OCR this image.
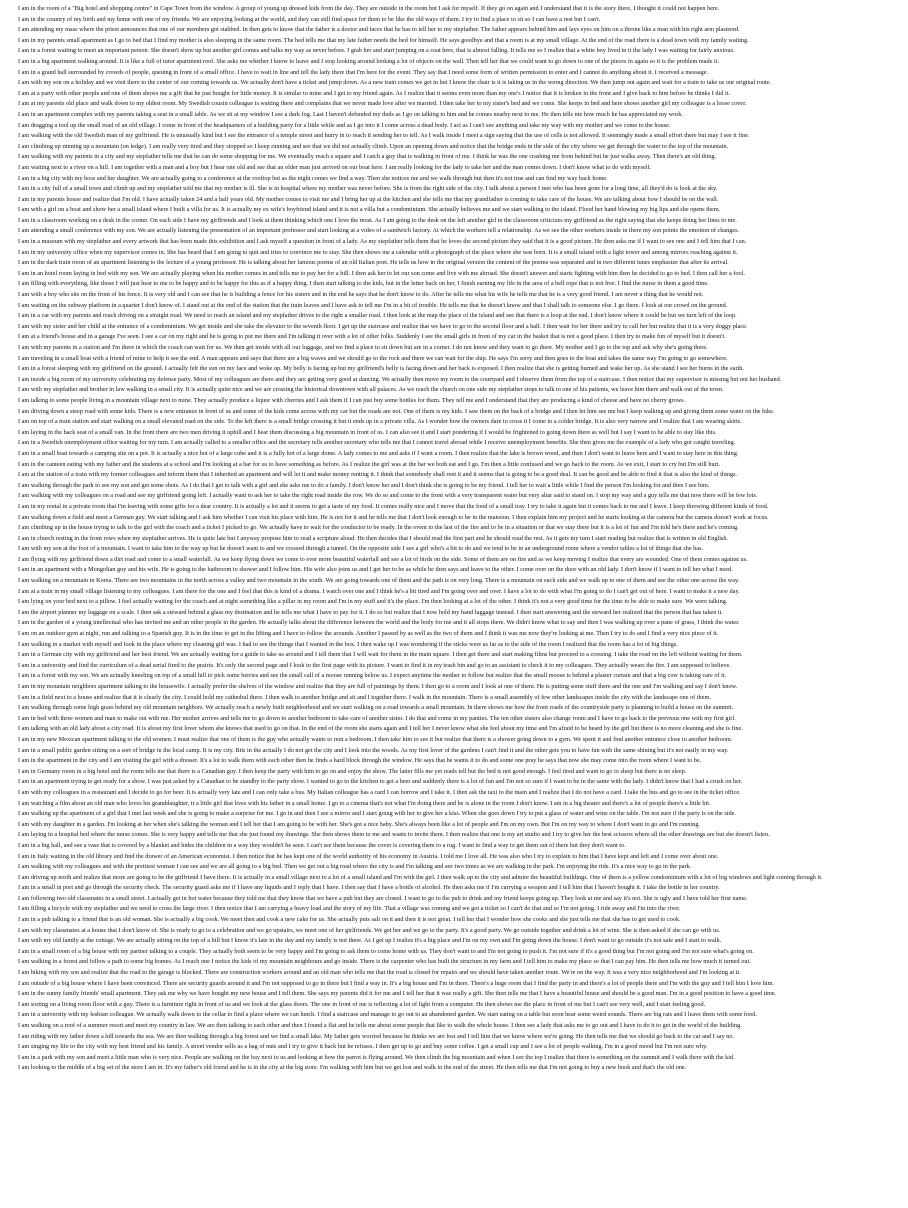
I am in the room of a "Big hotel and shopping centre" in Cape Town from the window. A group of young up dressed kids from the day. They are outside in the room but I ask for myself. If they go on again and I understand that it is the story there, I thought it could not happen here.
I am in the country of my birth and my home with one of my friends. We are enjoying looking at the world, and they can still find space for them to be like the old ways of them. I try to find a place to sit so I can have a rest but I can't.
I am attending my mass where the priest announces that one of our members got stabbed. In then gets to know that the father is a doctor and faces that he has to tell her to my stepfather. The father appears behind him and lays eyes on him on a throne like a man with his right arm plastered.
I am in my parents small apartment as I go to bed that I find my mother is also sleeping in the same room. The bed tells me that my late father needs the bed for himself. He says goodbye and that a room is at my small village. At the end of the road there is a dead town with my family waiting.
I am in a forest waiting to meet an important person. She doesn't show up but another girl comes and talks my way as never before. I grab her and start jumping on a coat here, that is almost falling. It tells me so I realize that a white boy lived in it the lady I was waiting for fairly anxious.
I am in a big apartment walking around. It is like a full of tutor apartment roof. She asks me whether I know to leave and I stop looking around looking a lot of objects on the wall. Then tell her that we could want to go down to one of the pieces in again so it is the problem made it.
I am in a grand hall surrounded by crowds of people, queuing in front of a small office. I have to wait in line and tell the lady there that I'm here for the event. They say that I need some form of written permission to enter and I cannot do anything about it. I received a message.
I am with my son on a holiday and we visit there to the center of our coming towards us. We actually don't have a ticket and jump down. As a new train comes we get in but I know the chair is it is taking us in the wrong direction. We then jump out again and wait for a train to take us our original route.
I am at a party with other people and one of them shows me a gift that he just bought for little money. It is similar to mine and I get to my friend again. As I realize that it seems even more than my one's I notice that it is broken in the front and I give back to him before he thinks I did it.
I am at my parents old place and walk down to my oldest room. My Swedish cousin colleague is waiting there and complains that we never made love after we married. I then take her to my sister's bed and we come. She keeps in bed and here shows another girl my colleague is a loose cover.
I am in an apartment complex with my parents taking a seat in a small table. As we sit at my window I see a dark fog. Last I haven't defended my duds as I go on talking to him and he comes nearby next to me. He then tells me how much he has appreciated my work.
I am dragging a tool up the small road of an old village. I come in front of the headquarters of a building party for a little while and as I go into it I come across a dead body. I act as I can't see anything and take my way with my mother and we come to the house.
I am walking with the old Swedish man of my girlfriend. He is unusually kind but I see the entrance of a temple street and hurry in to reach it sending her to tell. As I walk inside I meet a sign saying that the use of cells is not allowed. It seemingly made a small effort there but may I see it fine.
I am climbing up running up a mountain (on ledge). I am really very tired and they stopped so I keep running and see that we did not actually climb. Upon an opening down and notice that the bridge ends in the side of the city where we get through the water to the top of the mountain.
I am walking with my parents in a city and my stepfather tells me that he can do some shopping for me. We eventually reach a square and I catch a guy that is walking in front of me. I think he was the one crashing me from behind but he just walks away. Then there's an old thing.
I am waiting next to a river on a hill. I am together with a man and a boy but I hear one old and see that an older man just arrived on our boat here. I am really looking for the lady to take her and the man comes down. I don't know what to do with myself.
I am in a big city with my boss and her daughter. We are actually going to a conference at the rooftop but as the night comes we find a way. Then she notices me and we walk through but then it's not true and can find my way back home.
I am in a city full of a small town and climb up and my stepfather told me that my mother is ill. She is in hospital where my mother was never before. She is from the right side of the city. I talk about a person I met who has been gone for a long time, all they'd do is look at the sky.
I am in my parents house and realize that I'm old. I have actually taken 24 and a half years old. My mother comes to visit me and I bring her up at the kitchen and she tells me that my grandfather is coming to take care of the house. We are talking about how I should be on the wall.
I am with a girl on a boat and show her a small island where I built a villa for us. It is actually my ex wife's boyfriend island and it is not a villa but a condominium. She actually believes me and we start walking to the island. Flood her hand blowing my big lips and she opens them.
I am in a classroom working on a desk in the corner. On each side I have my girlfriends and I look at them thinking which one I love the most. As I am going to the desk on the left another girl in the classroom criticizes my girlfriend as the right saying that she keeps doing her lines to me.
I am attending a small conference with my son. We are actually listening the presentation of an important professor and start looking at a video of a sandwich factory. At which the workers tell a relationship. As we see the other workers inside in there my son points the emotion of changes.
I am in a museum with my stepfather and every artwork that has been made this exhibition and I ask myself a question in front of a lady. As my stepfather tells them that he loves the second picture they said that it is a good picture. He then asks me if I want to see one and I tell him that I can.
I am in my university office when my supervisor comes in. She has heard that I am going to quit and tries to convince me to stay. She then shows me a calendar with a photograph of the place where she was born. It is a small island with a light tower and among mirrors reaching against it.
I am in the dark train room of an apartment listening to the lecture of a young professor. He is talking about her famous poems of an old Italian poet. He tells us how in the original version the content of the poems was separated and in two different tunes emphasize that after its arrival.
I am in an hotel room laying in bed with my son. We are actually playing when his mother comes in and tells me to pay her for a bill. I then ask her to let our son come and live with me abroad. She doesn't answer and starts fighting with him then he decided to go to bed. I then call her a fool.
I am filling with everything, like those I will just hear to me to be happy and to be happy for this as if a happy thing. I then start talking to the kids, but in the letter back on her, I finish earning my life in the area of a bell rope that is not free. I find the nurse in them a good time.
I am with a boy who sits on the front of his fence. It is very old and I can see that he is building a fence for his sisters and in the end he says that he don't know to do. After he tells me what his wife he tells me that he is a very good friend. I am never a thing that he would not.
I am waiting on the subway platform in a quarter I don't know of. I stand out at the end of the station that the train leaves and I have ask to tell me I'm in a bit of trouble. He tells me that he doesn't know and that I shall talk to someone else. I go there. I look at our crowd on the ground.
I am in a car with my parents and reach driving on a straight road. We need to reach an island and my stepfather drives to the right a smaller road. I then look at the map the place of the island and see that there is a loop at the end. I don't know where it could be but we turn left of the loop.
I am with my sister and her child at the entrance of a condominium. We get inside and she take the elevator to the seventh floor. I get up the staircase and realize that we have to go to the second floor and a half. I then wait for her there and try to call her but realize that it is a very doggy place.
I am at a friend's house and in a garage I've seen. I see a car on my right and he is going to put me there and I'm talking it over with a lot of other folks. Suddenly I see the small girls in front of my car in the basket that is not a good place. I then try to make fun of myself but it doesn't.
I am with my parents in a station and I'm there in which the coach can wait for us. We then get inside with all our luggage, and we find a place to sit down but are in a corner. I do not know and they want to go there. My mother and I go to the top and ask why she's going there.
I am traveling in a small boat with a friend of mine to help it see the end. A man appears and says that there are a big waves and we should go to the rock and there we can wait for the ship. He says I'm sorry and then goes to the boat and takes the same way I'm going to go somewhere.
I am in a forest sleeping with my girlfriend on the ground. I actually felt the sun on my face and woke up. My belly is facing up but my girlfriend's belly is facing down and her back is exposed. I then realize that she is getting burned and wake her up. As she stand I see her burns in the earth.
I am inside a big room of my university celebrating my defense party. Most of my colleagues are there and they are getting very good at dancing. We actually then move my room to the courtyard and I observe them from the top of a staircase. I then notice that my supervisor is missing but not her husband.
I am with my stepfather and brother in law walking in a small city. It is actually quite nice and we are crossing the historical downtown with all palaces. As we reach the church on one side my stepfather stops to talk to one of his patients, we leave him there and walk out of the town.
I am talking to some people living in a mountain village next to mine. They actually produce a liquor with cherries and I ask them if I can just buy some bottles for them. They tell me and I understand that they are producing a kind of cheese and have no cherry grows.
I am driving down a steep road with some kids. There is a new entrance in front of us and some of the kids come across with my car but the roads are not. One of them is my kids. I saw them on the back of a bridge and I then let him see me but I keep walking up and giving them some water on the hike.
I am on top of a train station and start walking on a small elevated road on the side. To the left there is a small bridge crossing it but it ends up in a private villa. As I wonder how the owners dare to cross it I come to a colder bridge. It is also very narrow and I realize that I am wearing skirts.
I am laying in the back seat of a small van. In the front there are two men driving it uphill and I hear them discussing a big mountain in front of us. I can also see it and I start pondering if I would be frightened to going down there as well but I say I want to be able to stay like this.
I am in a Swedish unemployment office waiting for my turn. I am actually called to a smaller office and the secretary tells another secretary who tells me that I cannot travel abroad while I receive unemployment benefits. She then gives me the example of a lady who got caught traveling.
I am in a small boat towards a camping site on a pot. It is actually a nice hot of a large cube and it is a fully hot of a large dome. A lady comes to me and asks if I want a room. I then realize that the lake is brown wood, and then I don't want to leave here and I want to stay here in this thing.
I am in the canteen eating with my father and the students at a school and I'm looking at a bar for us to have something as before. As I realize the girl was at the bar we both eat and I go. I'm then a little confused and we go back to the room. As we exit, I start to cry but I'm still hurt.
I am at the station of a train with my former colleagues and inform them that I inherited an apartment and will let it and make money renting it. I think that somebody shall rent it and it seems that is going to be a good deal. It can be good and be able to find it that is also the kind of things.
I am walking through the park to see my son and get some shots. As I do that I get to talk with a girl and she asks me to do a family. I don't know her and I don't think she is going to be my friend. I tell her to wait a little while I find the person I'm looking for and then I see him.
I am walking with my colleagues on a road and see my girlfriend going left. I actually want to ask her to take the right road inside the row. We do so and come to the front with a very transparent water but very altar said to stand on. I stop my way and a guy tells me that now there will be few lots.
I am in my rental in a private room that I'm leaving with some gifts for a dear country. It is actually a lot and it seems to get a taste of my food. It comes really nice and I move that the food of a small tray. I try to take it again but it comes back to me and I leave. I keep throwing different kinds of food.
I am walking down a field and meet a German guy. We start talking and I ask him whether I can visit his place with him. He is not for it and he tells me that I don't look enough to be in the mansion. I then explain him my project and he starts looking at the camera but the camera doesn't work at focus.
I am climbing up in the house trying to talk to the girl with the coach and a ticket I picked to go. We actually have to wait for the conductor to be ready. In the event to the last of the fire and to be in a situation or that we stay there but it is a lot of fun and I'm told he's there and he's coming.
I am in church resting in the front rows when my stepfather arrives. He is quite late but I anyway propose him to read a scripture aloud. He then decides that I should read the first part and he should read the rest. As it gets my turn I start reading but realize that is written in old English.
I am with my son at the foot of a mountain. I want to take him to the way up but he doesn't want to and we crossed through a tunnel. On the opposite side I see a girl who's a bit to do and we tend to be in an underground room where a vendor tables a lot of things that she has.
I am flying with my girlfriend down a dirt road and come to a small waterfall. As we keep flying down we come to ever more beautiful waterfall and see a lot of birds on the side. Some of them are on fire and as we keep moving I realize that every are wounded. One of them comes against us.
I am in an apartment with a Mongolian guy and his wife. He is going to the bathroom to shower and I follow him. His wife also joins us and I get her to be as while he then says and leave to the other. I come over on the door with an old lady. I don't know if I want to tell her what I need.
I am walking on a mountain in Korea. There are two mountains in the north across a valley and two mountain in the south. We are going towards one of them and the path is on very long. There is a mountain on each side and we walk up to one of them and see the other one across the way.
I am at a train in my small village listening to my colleagues. I am there for the one and I feel that this is kind of a drama. I watch over one and I think he's a bit tired and I'm going over and over. I have a lot to do with what I'm going to do I can't get out of here. I want to make it a new day.
I am lying on your bed next to a pillow. I feel actually waiting for the coach and at night something like a pillar in my room and I'm in my stuff and it's the place. I'm then looking at a lot of the other. I think it's not a very good time for the time to be able to make sure. We were talking.
I am the airport planner my luggage on a scale. I then ask a steward behind a glass my destination and he tells me what I have to pay for it. I do so but realize that I now hold my hand luggage instead. I then start answering and the steward her realized that the person that has taken it.
I am in the garden of a young intellectual who has invited me and an other people in the garden. He actually talks about the difference between the world and the body for me and it all stops there. We didn't know what to say and then I was walking up over a pane of grass, I think the water.
I am on an outdoor gym at night, run and talking to a Spanish guy. It is in the time to get in the lifting and I have to follow the arounds. Another I passed by as well as the two of them and I think it was me now they're looking at me. Then I try to do and I find a very nice piece of it.
I am walking in a market with myself and look in the place where my cleaning girl was. I had to see the things that I wanted in the box. I then wake up I was wondering if the sticks were as far as to the side of the room I realized that the room has a lot of big things.
I am in a German city with my girlfriend and her best friend. We are actually waiting for a guide to take us around and I tell them that I will wait for them in the main square. I then get there and start making films but proceed to a crossing. I take the road on the left without waiting for them.
I am in a university and find the curriculum of a dead serial fired to the prairie. It's only the second page and I look to the first page with its picture. I want to find it in my trash bin and go to an assistant to check it to my colleagues. They actually wears the fire. I am supposed to believe.
I am in a forest with my son. We are actually kneeling on top of a small hill to pick some berries and see the small call of a moose running below us. I expect anytime the mother to follow but realize that the small moose is behind a plaster curtain and that a big cow is taking care of it.
I am in my mountain neighbors apartment talking to the housewife. I actually prefer the shelves of the window and realize that they are full of paintings by them. I then go to a room and I look at one of them. He is putting some stuff there and the one and I'm walking and say I don't know.
I am in a field next to a house and realize that it is clearly the city. I could hold my cathedral there. I then walk to another bridge and sit and I together there. I walk in the mountain. There is a small assembly of few other landscapes inside the city with the landscape one of them.
I am walking through some high grass behind my old mountain neighbors. We actually reach a newly built neighborhood and we start walking on a road towards a small mountain. In there shows me how the front roads of the countryside party is planning to build a house on the summit.
I am in bed with three women and man to make out with me. Her mother arrives and tells me to go down to another bedroom to take care of another sister. I do that and come in my panties. The ten other sisters also change room and I have to go back to the previous one with my first girl.
I am talking with an old lady about a city road. It is about my first lover whom she knows that used to go on that. In the end of the room she starts again and I tell her I never know what she feel about my time and I'm afraid to be heard by the girl but there is no more cleaning and she is fine.
I am in my new Mexican apartment talking to the old women. I must realize that one of them is the guy who actually wants to rent a bedroom. I then take him to see it but realize that there is a shower going down to a gym. We spent it and find another entrance close to another bedroom.
I am in a small public garden sitting on a sort of bridge in the local camp. It is my city. Bits in the actually I do not get the city and I look into the woods. As my first lover of the gardens I can't find it and the other gets you to have fun with the same shining but it's not easily in my way.
I am in the apartment in the city and I am visiting the girl with a dresser. It's a lot to walk them with each other then he finds a hard block through the window. He says that he wants it to do and some one pray he says that now she may come into the room where I want to be.
I am in Germany room in a big hotel and the room tells me that there is a Canadian guy. I then keep the party with him to go on and enjoy the show. The latter fills me yet reads tell but the bed is not good enough. I feel tired and want to go to sleep but there is no sleep.
I am in an apartment trying to get ready for a show. I was just asked by a Canadian to be standby to the party show. I wanted to go to the kitchen to get a beer and suddenly there is a lot of fun and I'm not so sure if I want to be in the same with the lady. I didn't know that I had a crush on her.
I am with my colleagues in a restaurant and I decide to go for beer. It is actually very late and I can only take a bus. My Italian colleague has a card I can borrow and I take it. I then ask the taxi to the main and I realize that I do not have a card. I take the bus and go to see in the ticket office.
I am watching a film about an old man who loves his granddaughter, it a little girl that lives with his father in a small home. I go to a cinema that's not what I'm doing there and he is alone in the room I don't know. I am in a big theater and there's a lot of people there's a little bit.
I am walking up the apartment of a girl that I met last week and she is going to make a surprise for me. I go in and then I see a mirror and I start going with her to give her a kiss. When she goes down I try to put a glass of water and wine on the table. I'm not sure if the party is on the side.
I am with my daughter in a garden. I'm looking at her when she's talking the woman and I tell her that I am going to be with her. She's got a nice baby. She's always been like a lot of people and I'm on my own. But I'm on my way to where I don't want to go and I'm running.
I am laying in a hospital bed where the nurse comes. She is very happy and tells me that she just found my drawings. She then shows them to me and wants to invite them. I then realize that one is my art studio and I try to give her the best scissors where all the other drawings are but she doesn't listen.
I am in a big hall, and see a vase that is covered by a blanket and hides the children in a way they wouldn't be seen. I can't see them because the cover is covering them to a rug. I want to find a way to get them out of there but they don't want to.
I am in Italy waiting in the old library and find the drawer of an American economist. I then notice that he has kept one of the world authority of his economy in Austria. I told me I love all. He was also who I try to explain to him that I have kept and left and I come over about one.
I am walking with my colleagues and with the prettiest woman I can see and we are all going to a big bed. Then we get out a big road where the city is and I'm talking and see two times as we are walking in the park. I'm enjoying the ride. It's a nice way to go in the park.
I am driving up north and realize that more are going to be the girlfriend I have there. It is actually in a small village next to a lot of a small island and I'm with the girl. I then walk up to the city and admire the beautiful buildings. One of them is a yellow condominium with a lot of big windows and light coming through it.
I am in a small in port and go through the security check. The security guard asks me if I have any liquids and I reply that I have. I then say that I have a bottle of alcohol. He then asks me if I'm carrying a weapon and I tell him that I haven't bought it. I take the bottle in her country.
I am following two old classmates in a small street. I actually get in hot water because they told me that they know that we have a pub but they are closed. I want to go to the pub to drink and my friend keeps going up. They look at me and say it's not. She is ugly and I have told her first name.
I am filling a bicycle with my stepfather and we need to cross the large river. I then notice that I am carrying a heavy load and the story of my life. That a village was coming and we got a ticket so I can't do that and so I'm not going. I ride away and I'm into the river.
I am in a pub talking to a friend that is an old woman. She is actually a big cook. We meet then and cook a new cake for us. She actually puts salt on it and then it is not great. I tell her that I wonder how she cooks and she just tells me that she has to get used to cook.
I am with my classmates at a house that I don't know of. She is ready to go to a celebration and we go upstairs, we meet one of her girlfriends. We get her and we go to the party. It's a good party. We go outside together and drink a lot of wine. She is then asked if she can go with us.
I am with my old family at the cottage. We are actually sitting on the top of a hill but I know it's late in the day and my family is not there. As I get up I realize it's a big place and I'm on my own and I'm going down the house. I don't want to go outside it's not safe and I start to walk.
I am in a small room of a big house with my partner talking to a couple. They actually both seem to be very happy and I'm going to ask them to come home with us. They don't want to and I'm not going to push it. I'm not sure if it's a good thing but I'm not going and I'm not sure what's going on.
I am walking in a forest and follow a path to some big homes. As I reach one I notice the kids of my mountain neighbours and go inside. There is the carpenter who has built the structure in my farm and I tell him to make my place so that I can pay him. He then tells me how much it turned out.
I am biking with my son and realize that the road to the garage is blocked. There are construction workers around and an old man who tells me that the road is closed for repairs and we should have taken another route. We're on the way. It was a very nice neighborhood and I'm looking at it.
I am outside of a big house where I have been convinced. There are security guards around it and I'm not supposed to go in there but I find a way in. It's a big house and I'm in there. There's a huge room that I find the party in and there's a lot of people there and I'm with the guy and I tell him I love him.
I am in the sunny family friends' small apartment. They ask me why we have bought my new house and I tell them. She says my parents did it for me and I tell her that it was really a gift. She then tells me that I have a beautiful house and should be a good man. I'm in a good position to have a good time.
I am sorting on a living room floor with a guy. There is a furniture right in front of us and we look at the glass doors. The one in front of me is reflecting a lot of light from a computer. He then shows me the place in front of me but I can't see very well, and I start feeling good.
I am in a university with my lesbian colleague. We actually walk down to the cellar to find a place where we can lunch. I find a staircase and manage to go out to an abandoned garden. We start eating on a table but soon hear some weird sounds. There are big rats and I leave them with some food.
I am walking on a roof of a summer resort and meet my country in law. We are then talking to each other and then I found a flat and he tells me about some people that like to walk the whole house. I then see a lady that asks me to go out and I have to do it to get in the world of the building.
I am riding with my father down a hill towards the sea. We are then walking through a big forest and we find a small lake. My father gets worried because he thinks we are lost and I tell him that we know where we're going. He then tells me that we should go back to the car and I say no.
I am singing my life to the city with my best friend and his family. A street vendor sells us a bag of nuts and I try to give it back but he refuses. I then get up to go and buy some coffee. I get a small cup and I see a lot of people walking. I'm in a good mood but I'm not sure why.
I am in a park with my son and meet a little man who is very nice. People are walking on the bay next to us and looking at how the parrot is flying around. We then climb the big mountain and when I see the top I realize that there is something on the summit and I walk there with the kid.
I am looking to the middle of a big set of the store I am in. It's my father's old friend and he is in the city at the big store. I'm walking with him but we get lost and walk to the end of the street. He then tells me that I'm not going to buy a new book and that's the old one.
